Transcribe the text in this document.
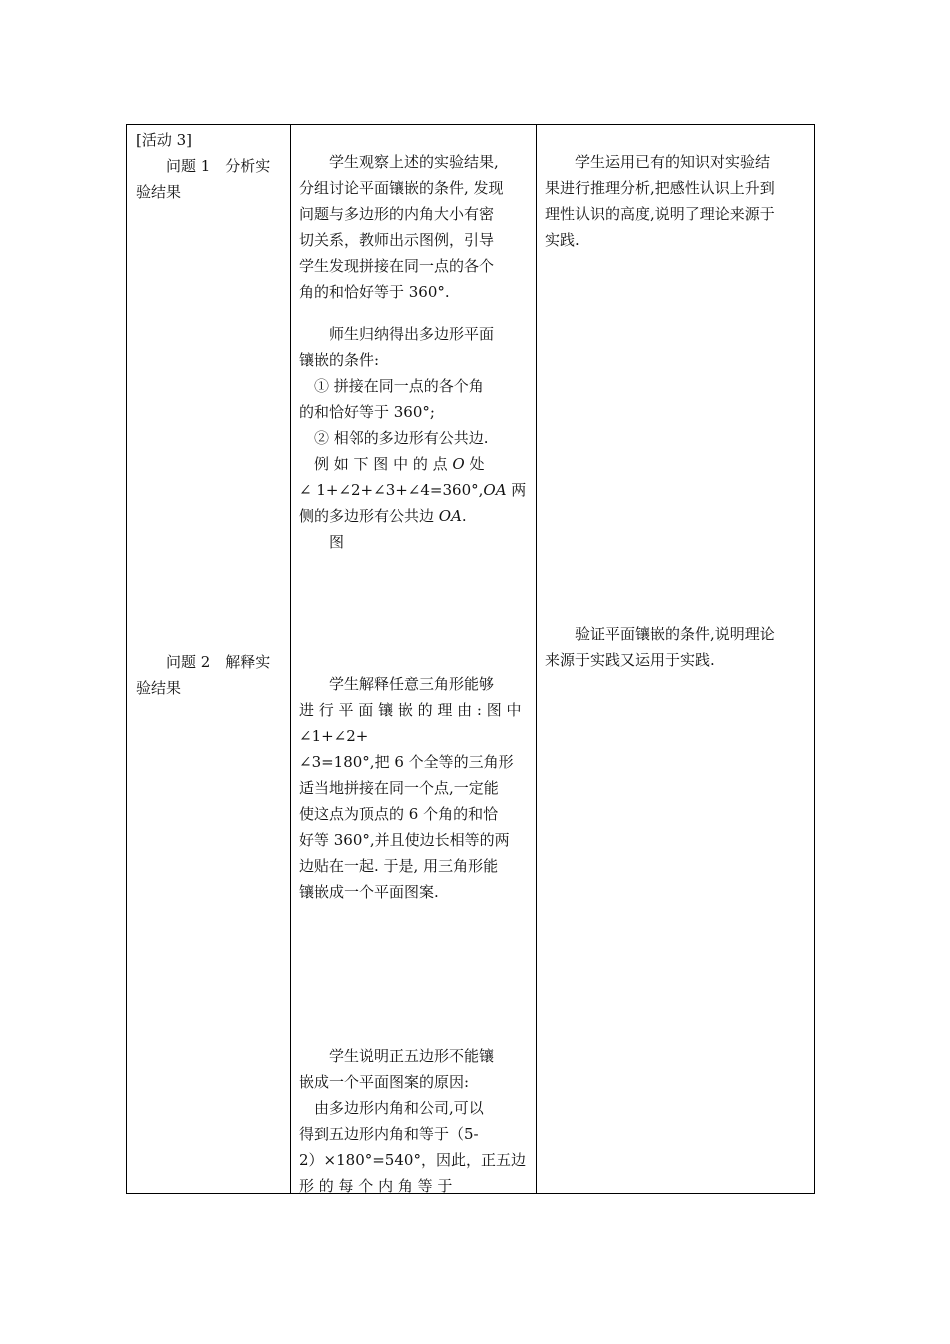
[活动 3]

问题 1　分析实

验结果

问题 2　解释实

验结果

学生观察上述的实验结果,

分组讨论平面镶嵌的条件, 发现

问题与多边形的内角大小有密

切关系，教师出示图例，引导

学生发现拼接在同一点的各个

角的和恰好等于 360°.

师生归纳得出多边形平面

镶嵌的条件:

① 拼接在同一点的各个角

的和恰好等于 360°;

② 相邻的多边形有公共边.

例 如 下 图 中 的 点 O 处

∠ 1+∠2+∠3+∠4=360°,OA 两

侧的多边形有公共边 OA.

图

学生运用已有的知识对实验结

果进行推理分析,把感性认识上升到

理性认识的高度,说明了理论来源于

实践.

验证平面镶嵌的条件,说明理论

来源于实践又运用于实践.

学生解释任意三角形能够

进 行 平 面 镶 嵌 的 理 由 : 图 中

∠1+∠2+

∠3=180°,把 6 个全等的三角形

适当地拼接在同一个点,一定能

使这点为顶点的 6 个角的和恰

好等 360°,并且使边长相等的两

边贴在一起. 于是, 用三角形能

镶嵌成一个平面图案.

学生说明正五边形不能镶

嵌成一个平面图案的原因:

由多边形内角和公司,可以

得到五边形内角和等于（5-

2）×180°=540°，因此，正五边

形 的 每 个 内 角 等 于
